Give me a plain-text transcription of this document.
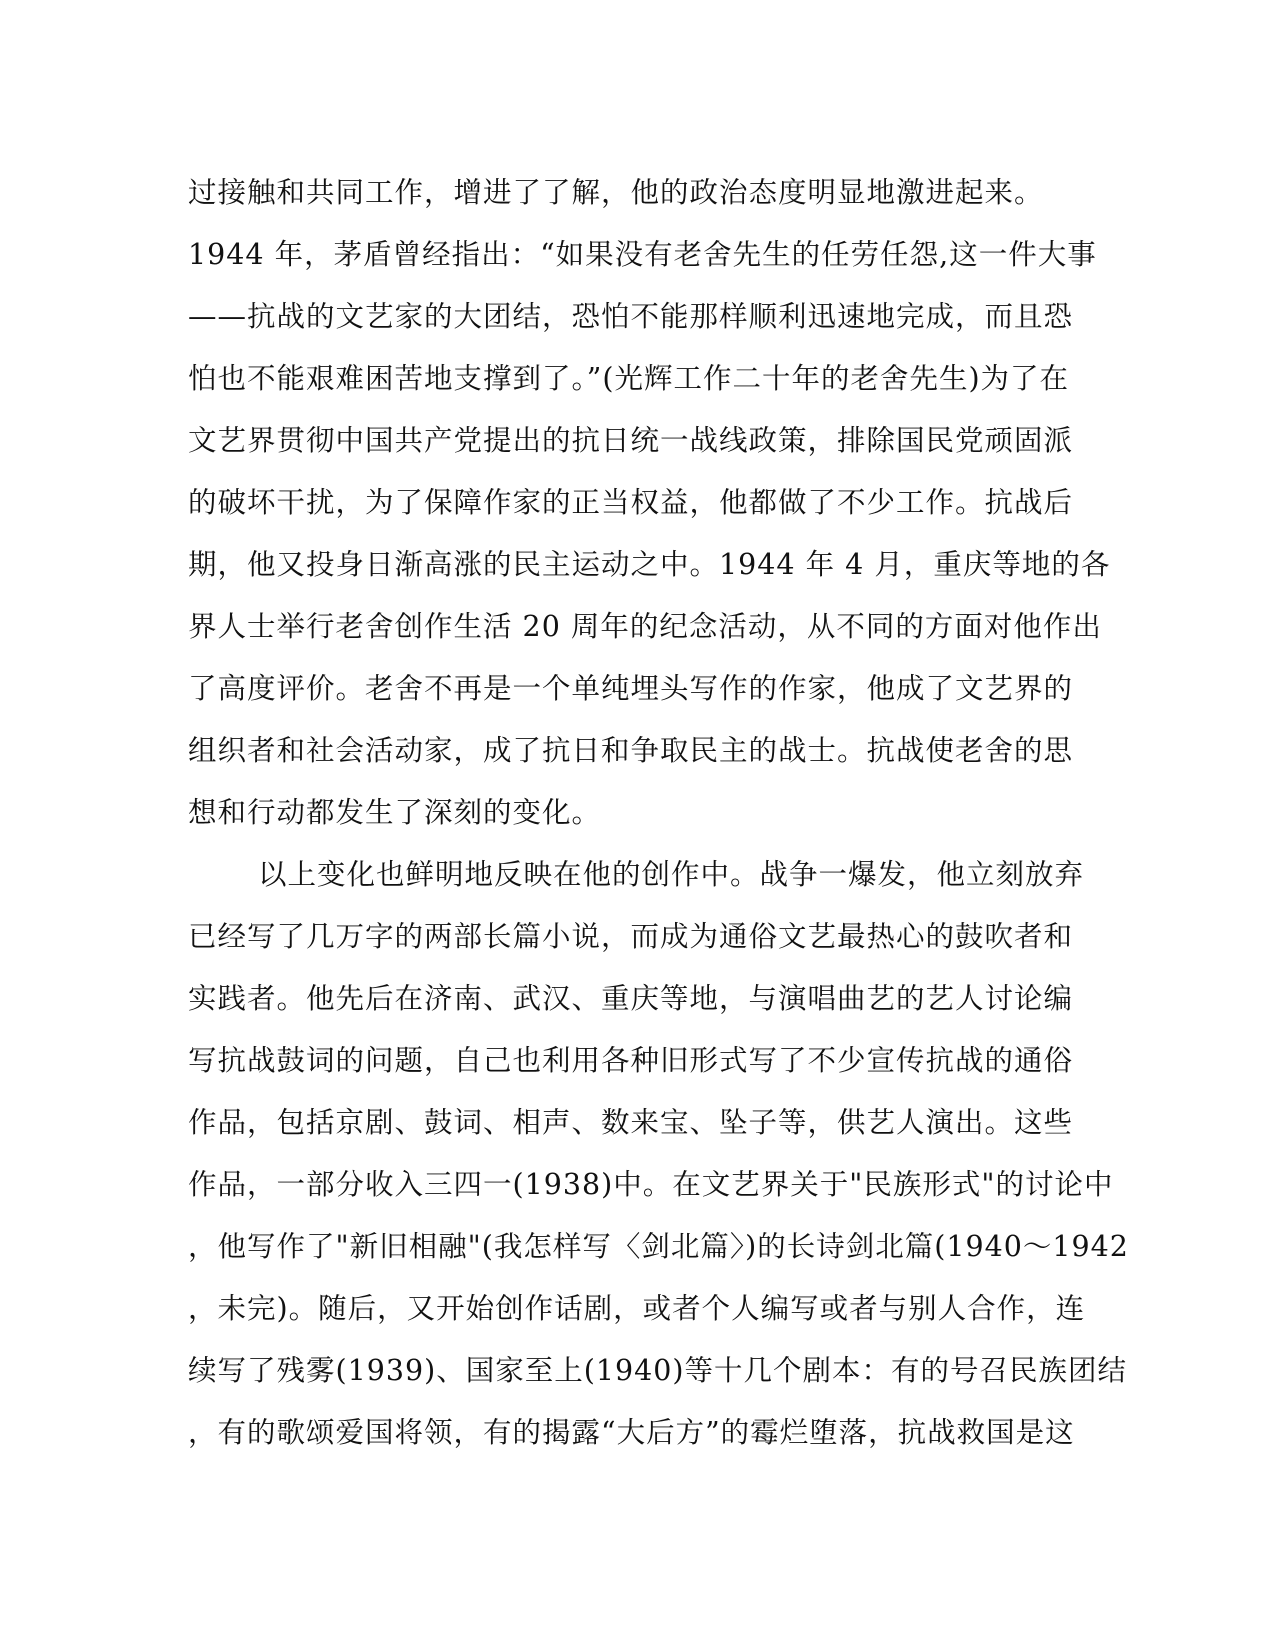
过接触和共同工作，增进了了解，他的政治态度明显地激进起来。
1944 年，茅盾曾经指出：“如果没有老舍先生的任劳任怨,这一件大事
——抗战的文艺家的大团结，恐怕不能那样顺利迅速地完成，而且恐
怕也不能艰难困苦地支撑到了。”(光辉工作二十年的老舍先生)为了在
文艺界贯彻中国共产党提出的抗日统一战线政策，排除国民党顽固派
的破坏干扰，为了保障作家的正当权益，他都做了不少工作。抗战后
期，他又投身日渐高涨的民主运动之中。1944 年 4 月，重庆等地的各
界人士举行老舍创作生活 20 周年的纪念活动，从不同的方面对他作出
了高度评价。老舍不再是一个单纯埋头写作的作家，他成了文艺界的
组织者和社会活动家，成了抗日和争取民主的战士。抗战使老舍的思
想和行动都发生了深刻的变化。
以上变化也鲜明地反映在他的创作中。战争一爆发，他立刻放弃
已经写了几万字的两部长篇小说，而成为通俗文艺最热心的鼓吹者和
实践者。他先后在济南、武汉、重庆等地，与演唱曲艺的艺人讨论编
写抗战鼓词的问题，自己也利用各种旧形式写了不少宣传抗战的通俗
作品，包括京剧、鼓词、相声、数来宝、坠子等，供艺人演出。这些
作品，一部分收入三四一(1938)中。在文艺界关于"民族形式"的讨论中
，他写作了"新旧相融"(我怎样写〈剑北篇〉)的长诗剑北篇(1940～1942
，未完)。随后，又开始创作话剧，或者个人编写或者与别人合作，连
续写了残雾(1939)、国家至上(1940)等十几个剧本：有的号召民族团结
，有的歌颂爱国将领，有的揭露“大后方”的霉烂堕落，抗战救国是这
